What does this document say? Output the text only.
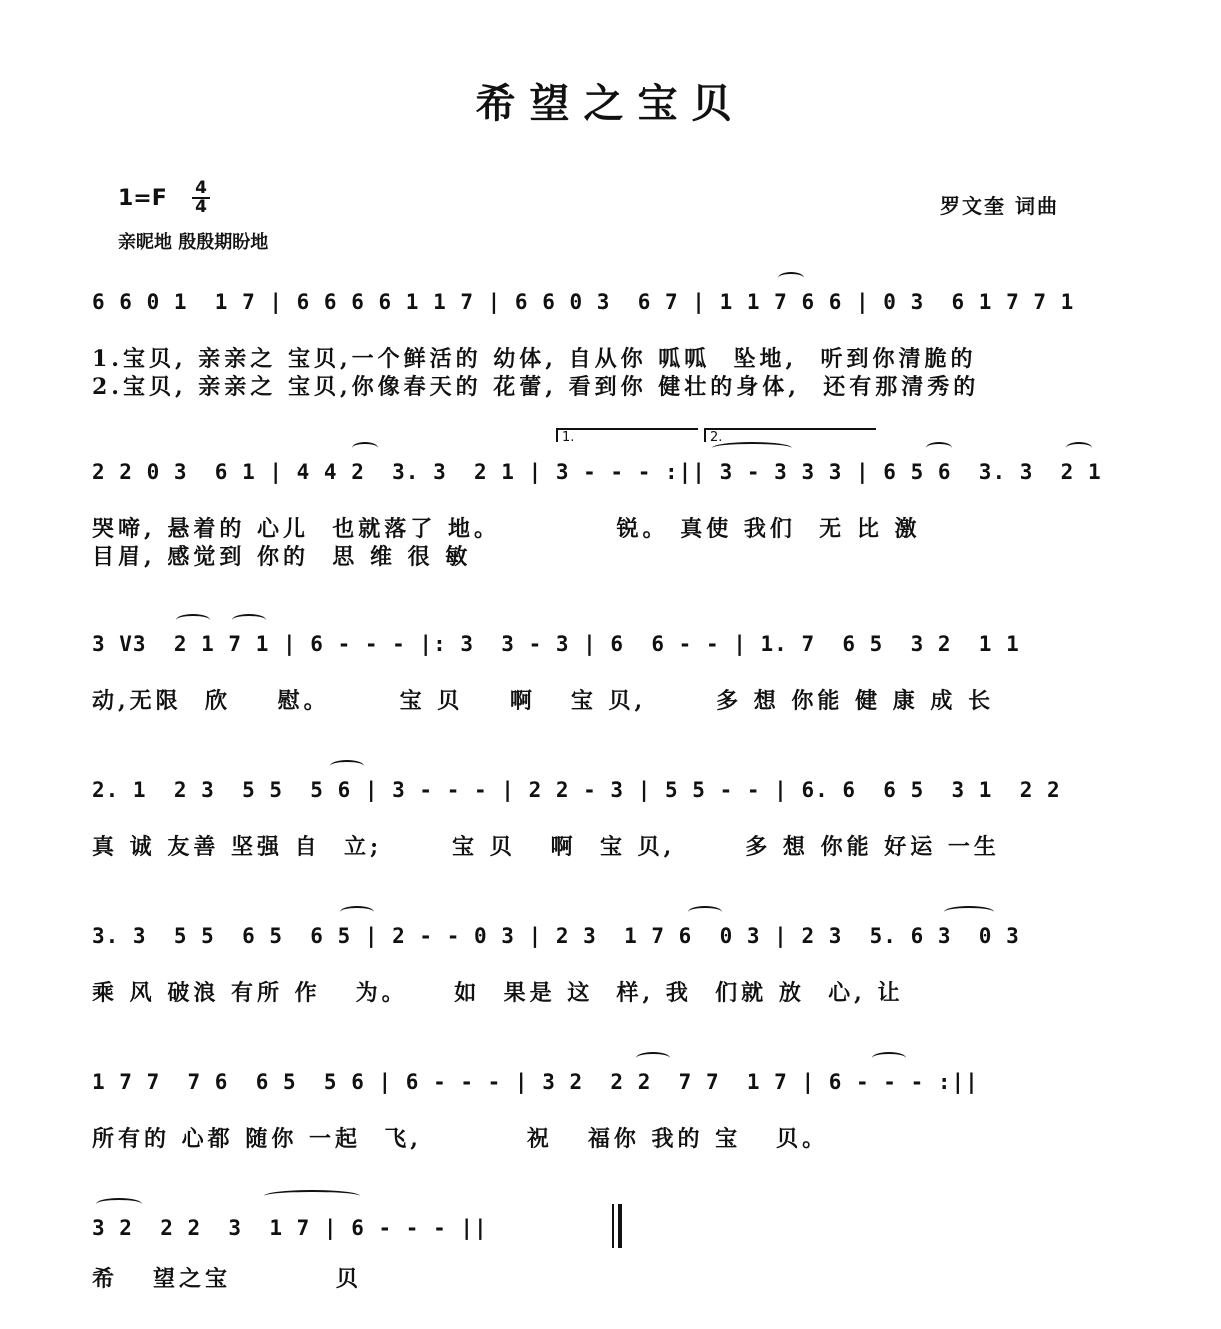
希望之宝贝
$1=F \frac{4}{4}$
亲昵地 殷殷期盼地
罗文奎 词曲
6 6 0 1  1 7 | 6 6 6 6 1 1 7 | 6 6 0 3  6 7 | 1 1 7 6 6 | 0 3  6 1 7 7 1
1.宝贝, 亲亲之 宝贝,一个鲜活的 幼体, 自从你 呱呱  坠地,  听到你清脆的
2.宝贝, 亲亲之 宝贝,你像春天的 花蕾, 看到你 健壮的身体,  还有那清秀的
1.	2.
2 2 0 3  6 1 | 4 4 2  3. 3  2 1 | 3 - - - :|| 3 - 3 3 3 | 6 5 6  3. 3  2 1
哭啼, 悬着的 心儿  也就落了 地。          锐。 真使 我们  无 比 激
目眉, 感觉到 你的  思 维 很 敏
3 V3  2 1 7 1 | 6 - - - |: 3  3 - 3 | 6  6 - - | 1. 7  6 5  3 2  1 1
动,无限  欣    慰。      宝 贝    啊   宝 贝,      多 想 你能 健 康 成 长
2. 1  2 3  5 5  5 6 | 3 - - - | 2 2 - 3 | 5 5 - - | 6. 6  6 5  3 1  2 2
真 诚 友善 坚强 自  立;      宝 贝   啊  宝 贝,      多 想 你能 好运 一生
3. 3  5 5  6 5  6 5 | 2 - - 0 3 | 2 3  1 7 6  0 3 | 2 3  5. 6 3  0 3
乘 风 破浪 有所 作   为。    如  果是 这  样, 我  们就 放  心, 让
1 7 7  7 6  6 5  5 6 | 6 - - - | 3 2  2 2  7 7  1 7 | 6 - - - :||
所有的 心都 随你 一起  飞,         祝   福你 我的 宝   贝。
3 2  2 2  3  1 7 | 6 - - - ||
希   望之宝         贝
